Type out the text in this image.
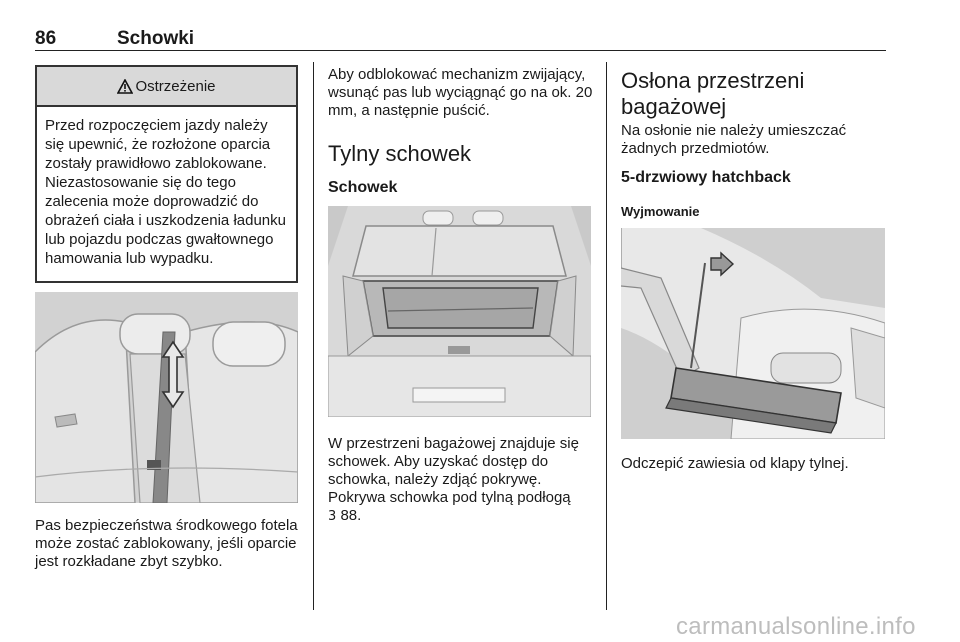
86	Schowki
Ostrzeżenie
Przed rozpoczęciem jazdy należy się upewnić, że rozłożone oparcia zostały prawidłowo zablokowane. Niezastosowanie się do tego zalecenia może doprowadzić do obrażeń ciała i uszkodzenia ładunku lub pojazdu podczas gwałtownego hamowania lub wypadku.
Pas bezpieczeństwa środkowego fotela może zostać zablokowany, jeśli oparcie jest rozkładane zbyt szybko.
Aby odblokować mechanizm zwijający, wsunąć pas lub wyciągnąć go na ok. 20 mm, a następnie puścić.
Tylny schowek
Schowek
W przestrzeni bagażowej znajduje się schowek. Aby uzyskać dostęp do schowka, należy zdjąć pokrywę. Pokrywa schowka pod tylną podłogą
3 88.
Osłona przestrzeni bagażowej
Na osłonie nie należy umieszczać żadnych przedmiotów.
5-drzwiowy hatchback
Wyjmowanie
Odczepić zawiesia od klapy tylnej.
carmanualsonline.info
